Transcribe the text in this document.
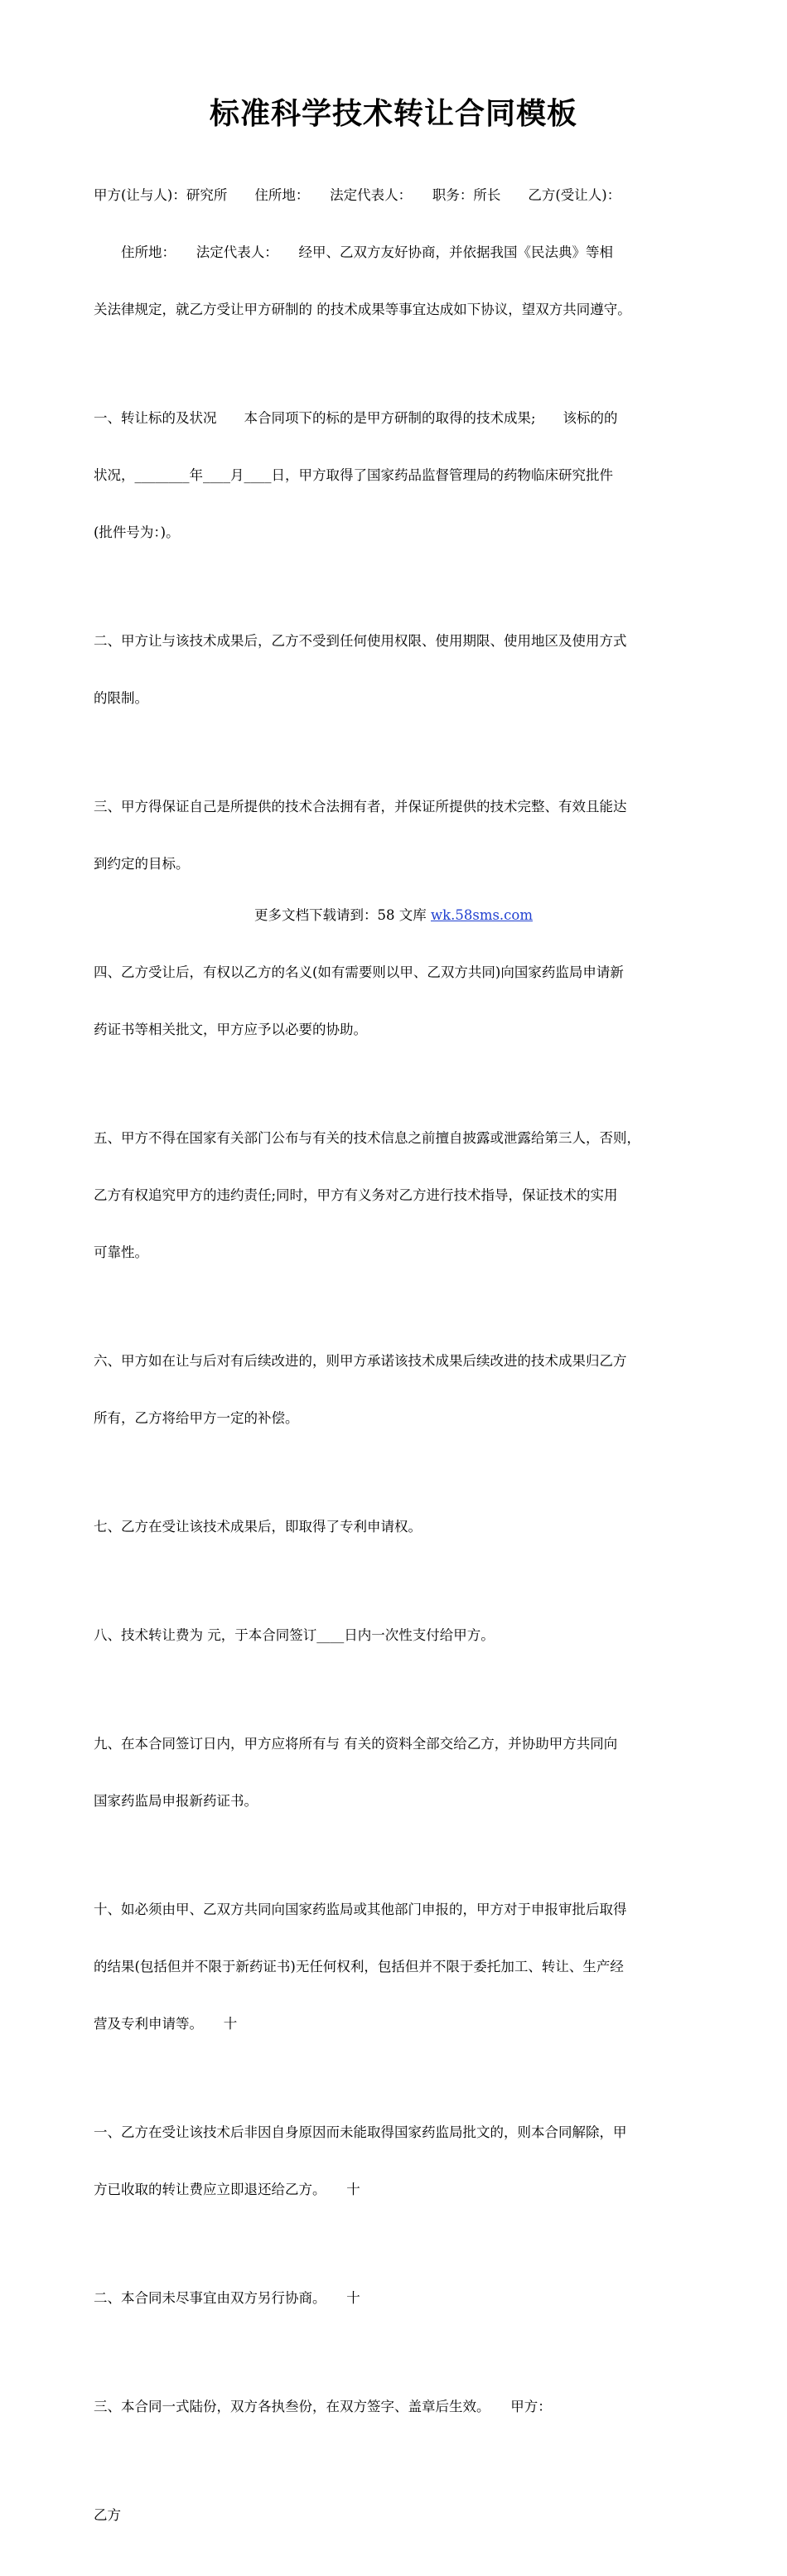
标准科学技术转让合同模板

甲方(让与人)：研究所　　住所地：　　法定代表人：　　职务：所长　　乙方(受让人)：

　　住所地：　　法定代表人：　　经甲、乙双方友好协商，并依据我国《民法典》等相

关法律规定，就乙方受让甲方研制的 的技术成果等事宜达成如下协议，望双方共同遵守。

一、转让标的及状况　　本合同项下的标的是甲方研制的取得的技术成果;　　该标的的

状况，________年____月____日，甲方取得了国家药品监督管理局的药物临床研究批件

(批件号为：)。

二、甲方让与该技术成果后，乙方不受到任何使用权限、使用期限、使用地区及使用方式

的限制。

三、甲方得保证自己是所提供的技术合法拥有者，并保证所提供的技术完整、有效且能达

到约定的目标。

四、乙方受让后，有权以乙方的名义(如有需要则以甲、乙双方共同)向国家药监局申请新

药证书等相关批文，甲方应予以必要的协助。

五、甲方不得在国家有关部门公布与有关的技术信息之前擅自披露或泄露给第三人，否则，

乙方有权追究甲方的违约责任;同时，甲方有义务对乙方进行技术指导，保证技术的实用

可靠性。

六、甲方如在让与后对有后续改进的，则甲方承诺该技术成果后续改进的技术成果归乙方

所有，乙方将给甲方一定的补偿。

七、乙方在受让该技术成果后，即取得了专利申请权。

八、技术转让费为 元，于本合同签订____日内一次性支付给甲方。

九、在本合同签订日内，甲方应将所有与 有关的资料全部交给乙方，并协助甲方共同向

国家药监局申报新药证书。

十、如必须由甲、乙双方共同向国家药监局或其他部门申报的，甲方对于申报审批后取得

的结果(包括但并不限于新药证书)无任何权利，包括但并不限于委托加工、转让、生产经

营及专利申请等。　　十

一、乙方在受让该技术后非因自身原因而未能取得国家药监局批文的，则本合同解除，甲

方已收取的转让费应立即退还给乙方。　　十

二、本合同未尽事宜由双方另行协商。　　十

三、本合同一式陆份，双方各执叁份，在双方签字、盖章后生效。　　甲方：

乙方

更多文档下载请到：58 文库 wk.58sms.com
